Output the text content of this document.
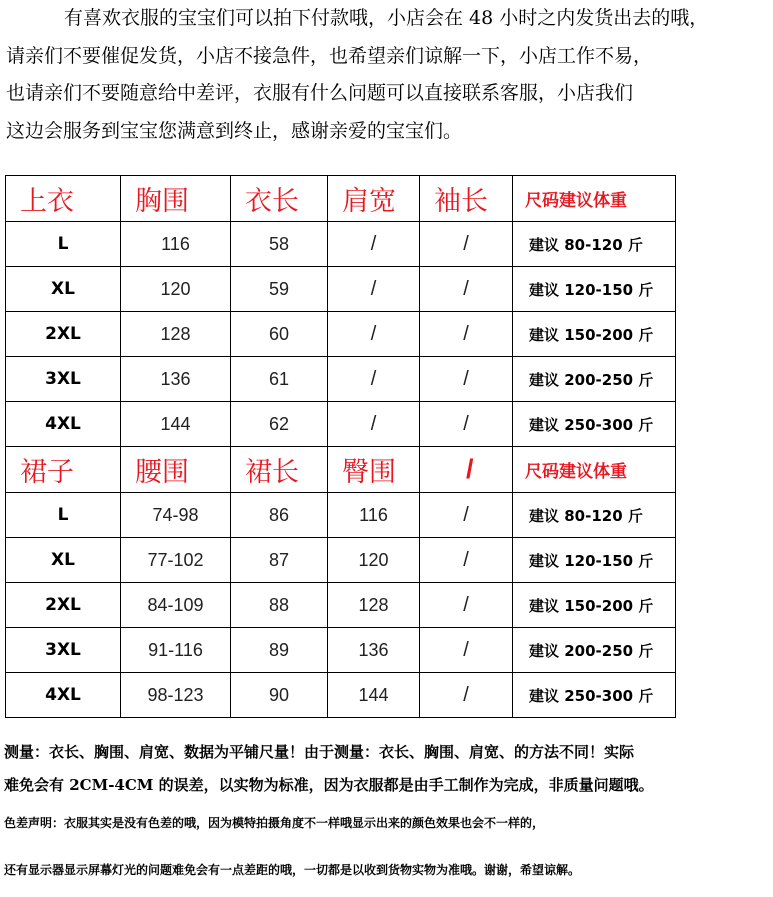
有喜欢衣服的宝宝们可以拍下付款哦，小店会在 48 小时之内发货出去的哦，

请亲们不要催促发货，小店不接急件，也希望亲们谅解一下，小店工作不易，

也请亲们不要随意给中差评，衣服有什么问题可以直接联系客服，小店我们

这边会服务到宝宝您满意到终止，感谢亲爱的宝宝们。

上衣	胸围	衣长	肩宽	袖长	尺码建议体重
L	116	58	/	/	建议 80-120 斤
XL	120	59	/	/	建议 120-150 斤
2XL	128	60	/	/	建议 150-200 斤
3XL	136	61	/	/	建议 200-250 斤
4XL	144	62	/	/	建议 250-300 斤
裙子	腰围	裙长	臀围	/	尺码建议体重
L	74-98	86	116	/	建议 80-120 斤
XL	77-102	87	120	/	建议 120-150 斤
2XL	84-109	88	128	/	建议 150-200 斤
3XL	91-116	89	136	/	建议 200-250 斤
4XL	98-123	90	144	/	建议 250-300 斤

测量：衣长、胸围、肩宽、数据为平铺尺量！由于测量：衣长、胸围、肩宽、的方法不同！实际

难免会有 2CM-4CM 的误差，以实物为标准，因为衣服都是由手工制作为完成，非质量问题哦。

色差声明：衣服其实是没有色差的哦，因为模特拍摄角度不一样哦显示出来的颜色效果也会不一样的，

还有显示器显示屏幕灯光的问题难免会有一点差距的哦，一切都是以收到货物实物为准哦。谢谢，希望谅解。
